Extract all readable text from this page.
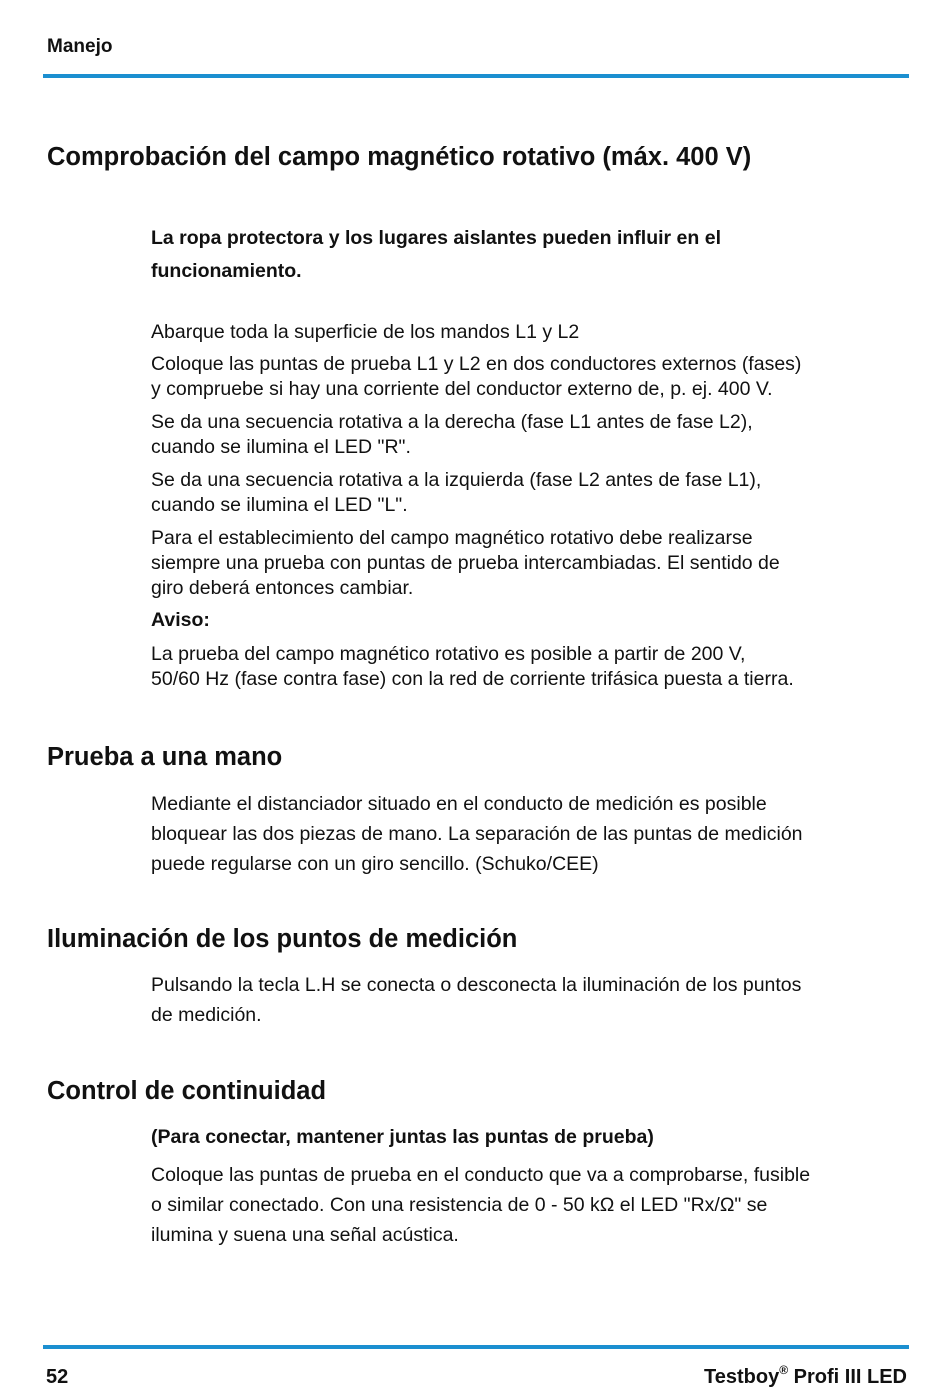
Manejo
Comprobación del campo magnético rotativo (máx. 400 V)

La ropa protectora y los lugares aislantes pueden influir en el

funcionamiento.

Abarque toda la superficie de los mandos L1 y L2

Coloque las puntas de prueba L1 y L2 en dos conductores externos (fases)

y compruebe si hay una corriente del conductor externo de, p. ej. 400 V.

Se da una secuencia rotativa a la derecha (fase L1 antes de fase L2),

cuando se ilumina el LED "R".

Se da una secuencia rotativa a la izquierda (fase L2 antes de fase L1),

cuando se ilumina el LED "L".

Para el establecimiento del campo magnético rotativo debe realizarse

siempre una prueba con puntas de prueba intercambiadas. El sentido de

giro deberá entonces cambiar.

Aviso:

La prueba del campo magnético rotativo es posible a partir de 200 V,

50/60 Hz (fase contra fase) con la red de corriente trifásica puesta a tierra.

Prueba a una mano

Mediante el distanciador situado en el conducto de medición es posible

bloquear las dos piezas de mano. La separación de las puntas de medición

puede regularse con un giro sencillo. (Schuko/CEE)

Iluminación de los puntos de medición

Pulsando la tecla L.H se conecta o desconecta la iluminación de los puntos

de medición.

Control de continuidad
(Para conectar, mantener juntas las puntas de prueba)

Coloque las puntas de prueba en el conducto que va a comprobarse, fusible

o similar conectado. Con una resistencia de 0 - 50 kΩ el LED "Rx/Ω" se

ilumina y suena una señal acústica.

52	Testboy® Profi III LED
